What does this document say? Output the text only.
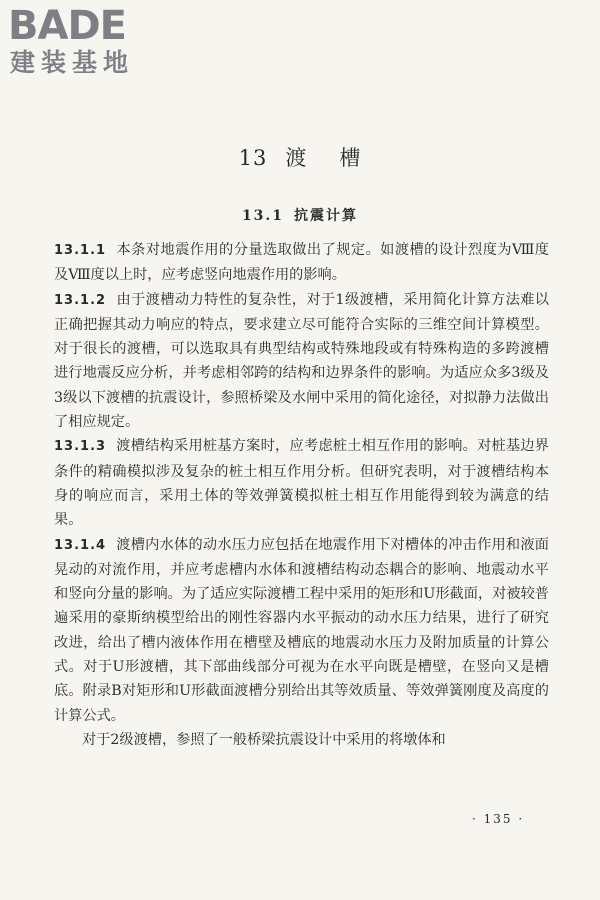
BADE
建装基地
13 渡 槽
13.1 抗震计算

13.1.1 本条对地震作用的分量选取做出了规定。如渡槽的设计烈度为Ⅷ度及Ⅷ度以上时，应考虑竖向地震作用的影响。

13.1.2 由于渡槽动力特性的复杂性，对于1级渡槽，采用简化计算方法难以正确把握其动力响应的特点，要求建立尽可能符合实际的三维空间计算模型。对于很长的渡槽，可以选取具有典型结构或特殊地段或有特殊构造的多跨渡槽进行地震反应分析，并考虑相邻跨的结构和边界条件的影响。为适应众多3级及3级以下渡槽的抗震设计，参照桥梁及水闸中采用的简化途径，对拟静力法做出了相应规定。

13.1.3 渡槽结构采用桩基方案时，应考虑桩土相互作用的影响。对桩基边界条件的精确模拟涉及复杂的桩土相互作用分析。但研究表明，对于渡槽结构本身的响应而言，采用土体的等效弹簧模拟桩土相互作用能得到较为满意的结果。

13.1.4 渡槽内水体的动水压力应包括在地震作用下对槽体的冲击作用和液面晃动的对流作用，并应考虑槽内水体和渡槽结构动态耦合的影响、地震动水平和竖向分量的影响。为了适应实际渡槽工程中采用的矩形和U形截面，对被较普遍采用的豪斯纳模型给出的刚性容器内水平振动的动水压力结果，进行了研究改进，给出了槽内液体作用在槽壁及槽底的地震动水压力及附加质量的计算公式。对于U形渡槽，其下部曲线部分可视为在水平向既是槽壁，在竖向又是槽底。附录B对矩形和U形截面渡槽分别给出其等效质量、等效弹簧刚度及高度的计算公式。

对于2级渡槽，参照了一般桥梁抗震设计中采用的将墩体和

· 135 ·
